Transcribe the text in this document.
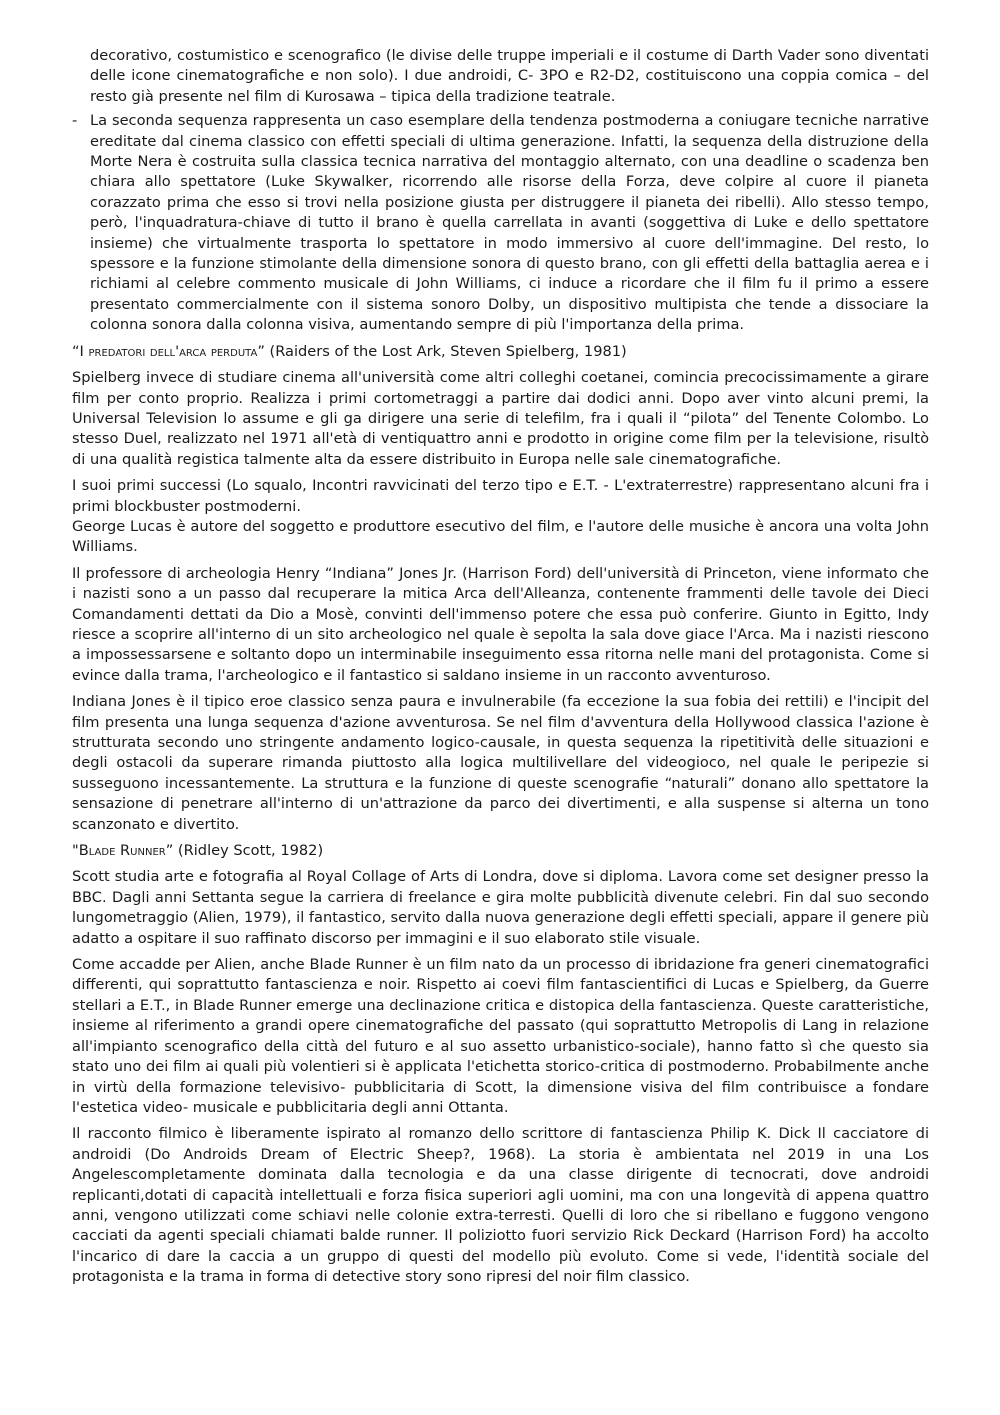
decorativo, costumistico e scenografico (le divise delle truppe imperiali e il costume di Darth Vader sono diventati delle icone cinematografiche e non solo). I due androidi, C- 3PO e R2-D2, costituiscono una coppia comica – del resto già presente nel film di Kurosawa – tipica della tradizione teatrale.

- La seconda sequenza rappresenta un caso esemplare della tendenza postmoderna a coniugare tecniche narrative ereditate dal cinema classico con effetti speciali di ultima generazione. Infatti, la sequenza della distruzione della Morte Nera è costruita sulla classica tecnica narrativa del montaggio alternato, con una deadline o scadenza ben chiara allo spettatore (Luke Skywalker, ricorrendo alle risorse della Forza, deve colpire al cuore il pianeta corazzato prima che esso si trovi nella posizione giusta per distruggere il pianeta dei ribelli). Allo stesso tempo, però, l'inquadratura-chiave di tutto il brano è quella carrellata in avanti (soggettiva di Luke e dello spettatore insieme) che virtualmente trasporta lo spettatore in modo immersivo al cuore dell'immagine. Del resto, lo spessore e la funzione stimolante della dimensione sonora di questo brano, con gli effetti della battaglia aerea e i richiami al celebre commento musicale di John Williams, ci induce a ricordare che il film fu il primo a essere presentato commercialmente con il sistema sonoro Dolby, un dispositivo multipista che tende a dissociare la colonna sonora dalla colonna visiva, aumentando sempre di più l'importanza della prima.

“I predatori dell'arca perduta” (Raiders of the Lost Ark, Steven Spielberg, 1981)

Spielberg invece di studiare cinema all'università come altri colleghi coetanei, comincia precocissimamente a girare film per conto proprio. Realizza i primi cortometraggi a partire dai dodici anni. Dopo aver vinto alcuni premi, la Universal Television lo assume e gli ga dirigere una serie di telefilm, fra i quali il “pilota” del Tenente Colombo. Lo stesso Duel, realizzato nel 1971 all'età di ventiquattro anni e prodotto in origine come film per la televisione, risultò di una qualità registica talmente alta da essere distribuito in Europa nelle sale cinematografiche.

I suoi primi successi (Lo squalo, Incontri ravvicinati del terzo tipo e E.T. - L'extraterrestre) rappresentano alcuni fra i primi blockbuster postmoderni.

George Lucas è autore del soggetto e produttore esecutivo del film, e l'autore delle musiche è ancora una volta John Williams.

Il professore di archeologia Henry “Indiana” Jones Jr. (Harrison Ford) dell'università di Princeton, viene informato che i nazisti sono a un passo dal recuperare la mitica Arca dell'Alleanza, contenente frammenti delle tavole dei Dieci Comandamenti dettati da Dio a Mosè, convinti dell'immenso potere che essa può conferire. Giunto in Egitto, Indy riesce a scoprire all'interno di un sito archeologico nel quale è sepolta la sala dove giace l'Arca. Ma i nazisti riescono a impossessarsene e soltanto dopo un interminabile inseguimento essa ritorna nelle mani del protagonista. Come si evince dalla trama, l'archeologico e il fantastico si saldano insieme in un racconto avventuroso.

Indiana Jones è il tipico eroe classico senza paura e invulnerabile (fa eccezione la sua fobia dei rettili) e l'incipit del film presenta una lunga sequenza d'azione avventurosa. Se nel film d'avventura della Hollywood classica l'azione è strutturata secondo uno stringente andamento logico-causale, in questa sequenza la ripetitività delle situazioni e degli ostacoli da superare rimanda piuttosto alla logica multilivellare del videogioco, nel quale le peripezie si susseguono incessantemente. La struttura e la funzione di queste scenografie “naturali” donano allo spettatore la sensazione di penetrare all'interno di un'attrazione da parco dei divertimenti, e alla suspense si alterna un tono scanzonato e divertito.

"Blade Runner” (Ridley Scott, 1982)

Scott studia arte e fotografia al Royal Collage of Arts di Londra, dove si diploma. Lavora come set designer presso la BBC. Dagli anni Settanta segue la carriera di freelance e gira molte pubblicità divenute celebri. Fin dal suo secondo lungometraggio (Alien, 1979), il fantastico, servito dalla nuova generazione degli effetti speciali, appare il genere più adatto a ospitare il suo raffinato discorso per immagini e il suo elaborato stile visuale.

Come accadde per Alien, anche Blade Runner è un film nato da un processo di ibridazione fra generi cinematografici differenti, qui soprattutto fantascienza e noir. Rispetto ai coevi film fantascientifici di Lucas e Spielberg, da Guerre stellari a E.T., in Blade Runner emerge una declinazione critica e distopica della fantascienza. Queste caratteristiche, insieme al riferimento a grandi opere cinematografiche del passato (qui soprattutto Metropolis di Lang in relazione all'impianto scenografico della città del futuro e al suo assetto urbanistico-sociale), hanno fatto sì che questo sia stato uno dei film ai quali più volentieri si è applicata l'etichetta storico-critica di postmoderno. Probabilmente anche in virtù della formazione televisivo- pubblicitaria di Scott, la dimensione visiva del film contribuisce a fondare l'estetica video- musicale e pubblicitaria degli anni Ottanta.

Il racconto filmico è liberamente ispirato al romanzo dello scrittore di fantascienza Philip K. Dick Il cacciatore di androidi (Do Androids Dream of Electric Sheep?, 1968). La storia è ambientata nel 2019 in una Los Angelescompletamente dominata dalla tecnologia e da una classe dirigente di tecnocrati, dove androidi replicanti,dotati di capacità intellettuali e forza fisica superiori agli uomini, ma con una longevità di appena quattro anni, vengono utilizzati come schiavi nelle colonie extra-terresti. Quelli di loro che si ribellano e fuggono vengono cacciati da agenti speciali chiamati balde runner. Il poliziotto fuori servizio Rick Deckard (Harrison Ford) ha accolto l'incarico di dare la caccia a un gruppo di questi del modello più evoluto. Come si vede, l'identità sociale del protagonista e la trama in forma di detective story sono ripresi del noir film classico.
